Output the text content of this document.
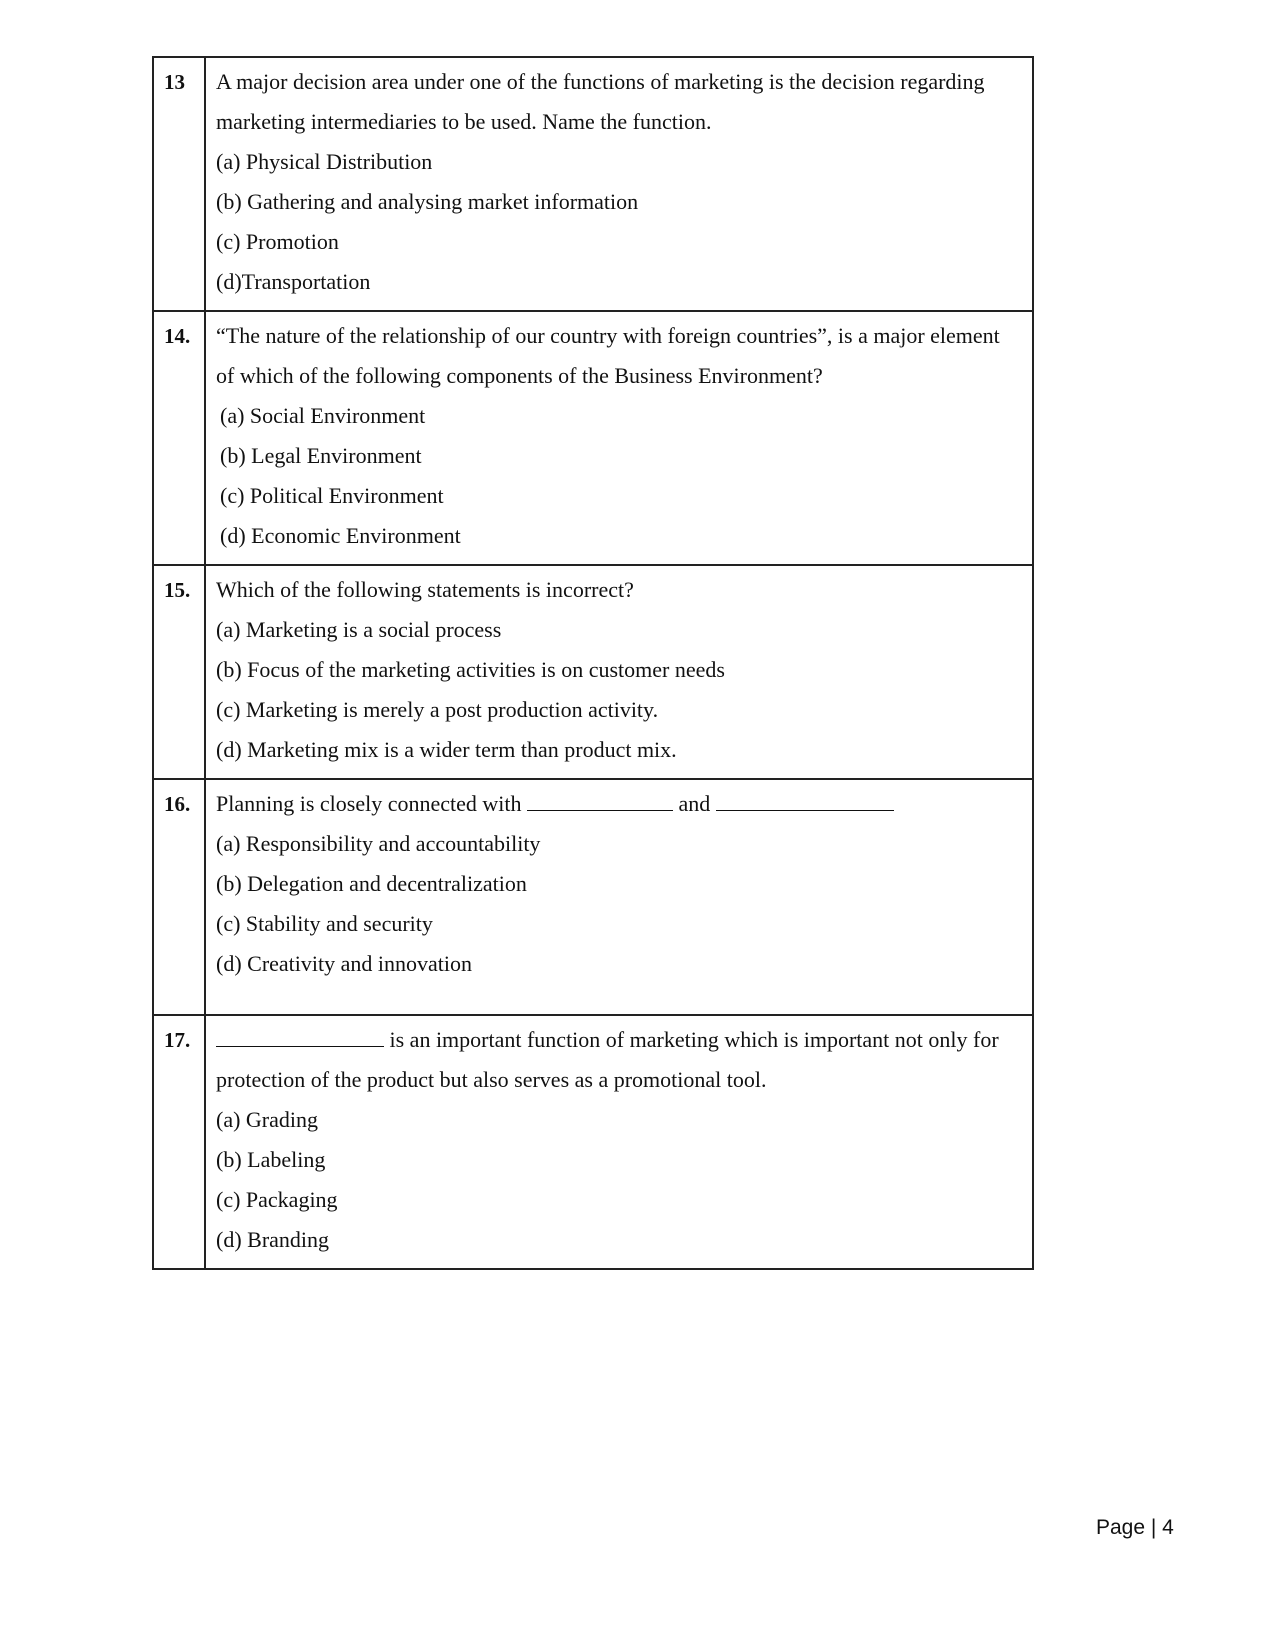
13	A major decision area under one of the functions of marketing is the decision regarding marketing intermediaries to be used. Name the function.
(a) Physical Distribution
(b) Gathering and analysing market information
(c) Promotion
(d)Transportation

14.	“The nature of the relationship of our country with foreign countries”, is a major element of which of the following components of the Business Environment?
(a) Social Environment
(b) Legal Environment
(c) Political Environment
(d) Economic Environment

15.	Which of the following statements is incorrect?
(a) Marketing is a social process
(b) Focus of the marketing activities is on customer needs
(c) Marketing is merely a post production activity.
(d) Marketing mix is a wider term than product mix.

16.	Planning is closely connected with and
(a) Responsibility and accountability
(b) Delegation and decentralization
(c) Stability and security
(d) Creativity and innovation

17.	is an important function of marketing which is important not only for protection of the product but also serves as a promotional tool.
(a) Grading
(b) Labeling
(c) Packaging
(d) Branding
Page | 4
